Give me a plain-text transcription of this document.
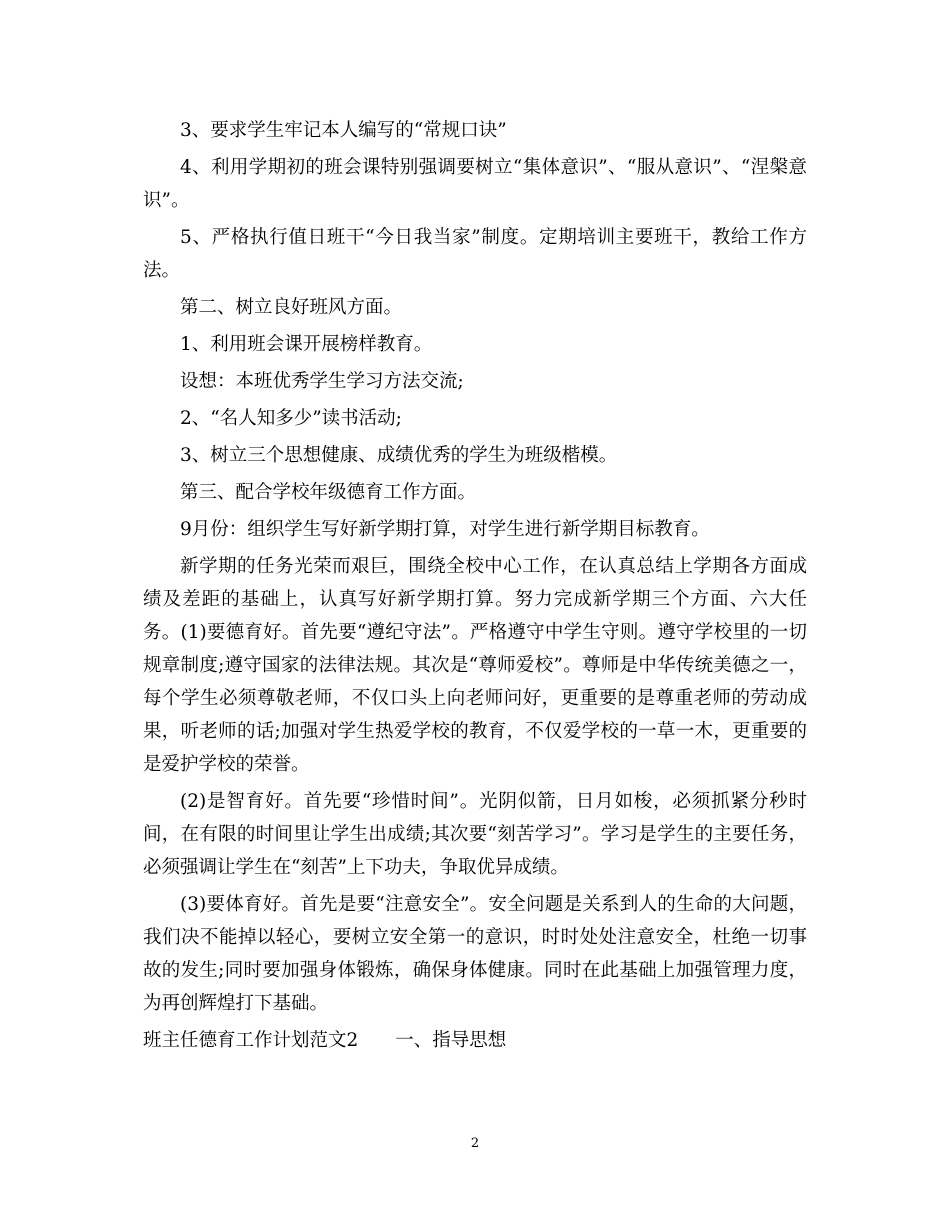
3、要求学生牢记本人编写的“常规口诀”

4、利用学期初的班会课特别强调要树立“集体意识”、“服从意识”、“涅槃意识”。

5、严格执行值日班干“今日我当家”制度。定期培训主要班干，教给工作方法。

第二、树立良好班风方面。

1、利用班会课开展榜样教育。

设想：本班优秀学生学习方法交流;

2、“名人知多少”读书活动;

3、树立三个思想健康、成绩优秀的学生为班级楷模。

第三、配合学校年级德育工作方面。

9月份：组织学生写好新学期打算，对学生进行新学期目标教育。

新学期的任务光荣而艰巨，围绕全校中心工作，在认真总结上学期各方面成绩及差距的基础上，认真写好新学期打算。努力完成新学期三个方面、六大任务。(1)要德育好。首先要“遵纪守法”。严格遵守中学生守则。遵守学校里的一切规章制度;遵守国家的法律法规。其次是“尊师爱校”。尊师是中华传统美德之一，每个学生必须尊敬老师，不仅口头上向老师问好，更重要的是尊重老师的劳动成果，听老师的话;加强对学生热爱学校的教育，不仅爱学校的一草一木，更重要的是爱护学校的荣誉。

(2)是智育好。首先要“珍惜时间”。光阴似箭，日月如梭，必须抓紧分秒时间，在有限的时间里让学生出成绩;其次要“刻苦学习”。学习是学生的主要任务，必须强调让学生在“刻苦”上下功夫，争取优异成绩。

(3)要体育好。首先是要“注意安全”。安全问题是关系到人的生命的大问题，我们决不能掉以轻心，要树立安全第一的意识，时时处处注意安全，杜绝一切事故的发生;同时要加强身体锻炼，确保身体健康。同时在此基础上加强管理力度，为再创辉煌打下基础。

班主任德育工作计划范文2　　一、指导思想

2
